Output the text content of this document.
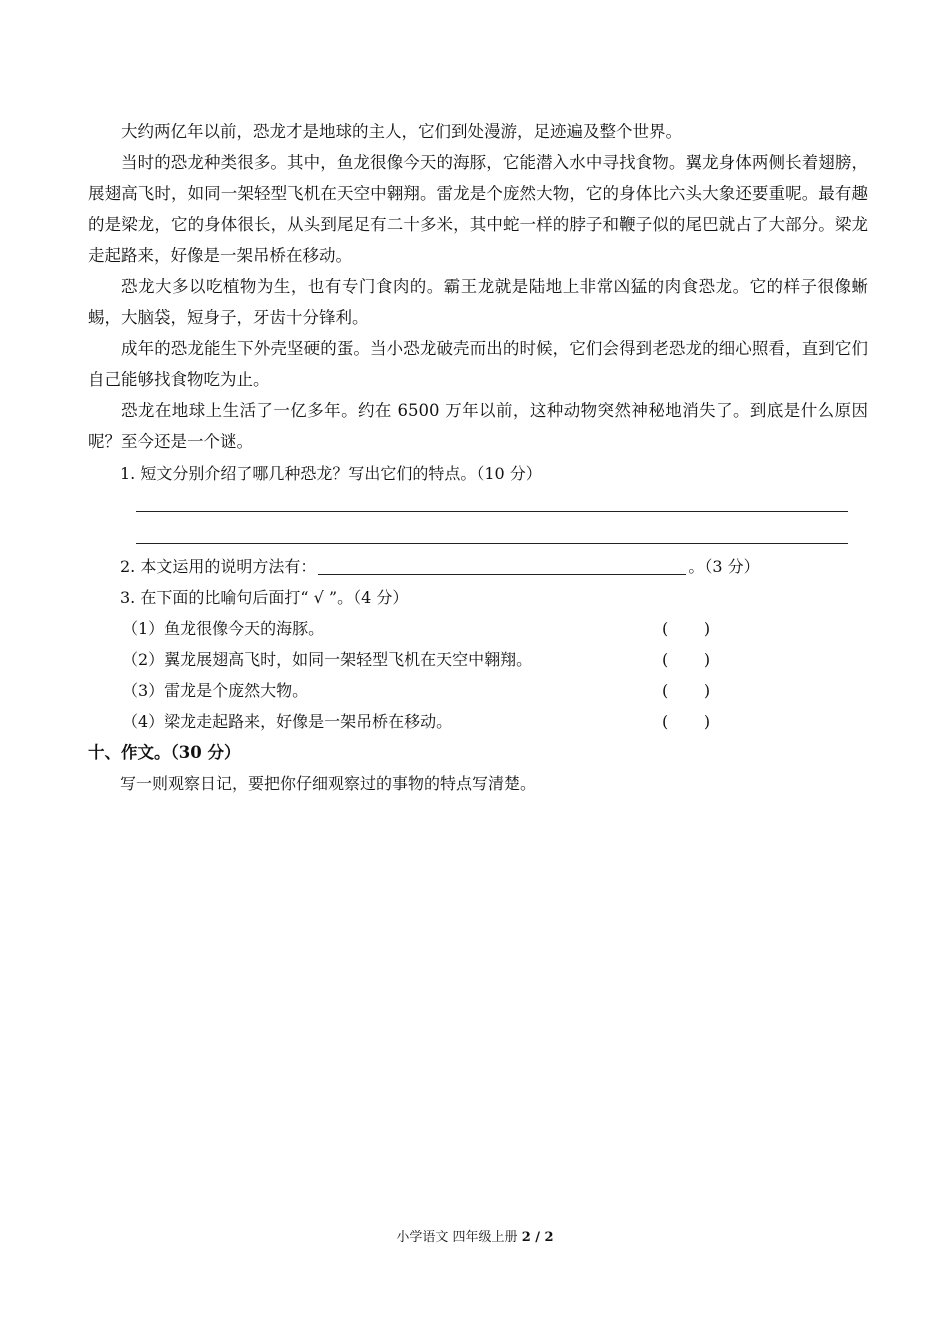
大约两亿年以前，恐龙才是地球的主人，它们到处漫游，足迹遍及整个世界。

当时的恐龙种类很多。其中，鱼龙很像今天的海豚，它能潜入水中寻找食物。翼龙身体两侧长着翅膀，展翅高飞时，如同一架轻型飞机在天空中翱翔。雷龙是个庞然大物，它的身体比六头大象还要重呢。最有趣的是梁龙，它的身体很长，从头到尾足有二十多米，其中蛇一样的脖子和鞭子似的尾巴就占了大部分。梁龙走起路来，好像是一架吊桥在移动。

恐龙大多以吃植物为生，也有专门食肉的。霸王龙就是陆地上非常凶猛的肉食恐龙。它的样子很像蜥蜴，大脑袋，短身子，牙齿十分锋利。

成年的恐龙能生下外壳坚硬的蛋。当小恐龙破壳而出的时候，它们会得到老恐龙的细心照看，直到它们自己能够找食物吃为止。

恐龙在地球上生活了一亿多年。约在 6500 万年以前，这种动物突然神秘地消失了。到底是什么原因呢？至今还是一个谜。

1. 短文分别介绍了哪几种恐龙？写出它们的特点。（10 分）
2. 本文运用的说明方法有：	。（3 分）
3. 在下面的比喻句后面打“ √ ”。（4 分）
（1）鱼龙很像今天的海豚。	(       )
（2）翼龙展翅高飞时，如同一架轻型飞机在天空中翱翔。	(       )
（3）雷龙是个庞然大物。	(       )
（4）梁龙走起路来，好像是一架吊桥在移动。	(       )
十、作文。（30 分）
写一则观察日记，要把你仔细观察过的事物的特点写清楚。
小学语文 四年级上册 2 / 2
